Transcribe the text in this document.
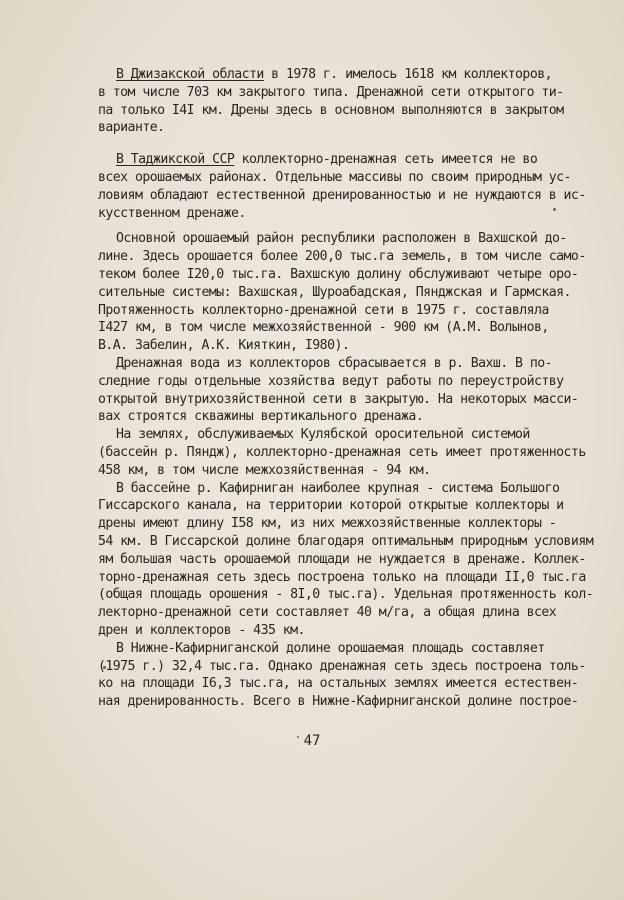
В Джизакской области в 1978 г. имелось 1618 км коллекторов,
в том числе 703 км закрытого типа. Дренажной сети открытого ти-
па только I4I км. Дрены здесь в основном выполняются в закрытом
варианте.
В Таджикской ССР коллекторно-дренажная сеть имеется не во
всех орошаемых районах. Отдельные массивы по своим природным ус-
ловиям обладают естественной дренированностью и не нуждаются в ис-
кусственном дренаже.
Основной орошаемый район республики расположен в Вахшской до-
лине. Здесь орошается более 200,0 тыс.га земель, в том числе само-
теком более I20,0 тыс.га. Вахшскую долину обслуживают четыре оро-
сительные системы: Вахшская, Шуроабадская, Пянджская и Гармская.
Протяженность коллекторно-дренажной сети в 1975 г. составляла
I427 км, в том числе межхозяйственной - 900 км (А.М. Волынов,
В.А. Забелин, А.К. Кияткин, I980).
Дренажная вода из коллекторов сбрасывается в р. Вахш. В по-
следние годы отдельные хозяйства ведут работы по переустройству
открытой внутрихозяйственной сети в закрытую. На некоторых масси-
вах строятся скважины вертикального дренажа.
На землях, обслуживаемых Кулябской оросительной системой
(бассейн р. Пяндж), коллекторно-дренажная сеть имеет протяженность
458 км, в том числе межхозяйственная - 94 км.
В бассейне р. Кафирниган наиболее крупная - система Большого
Гиссарского канала, на территории которой открытые коллекторы и
дрены имеют длину I58 км, из них межхозяйственные коллекторы -
54 км. В Гиссарской долине благодаря оптимальным природным условиям
ям большая часть орошаемой площади не нуждается в дренаже. Коллек-
торно-дренажная сеть здесь построена только на площади II,0 тыс.га
(общая площадь орошения - 8I,0 тыс.га). Удельная протяженность кол-
лекторно-дренажной сети составляет 40 м/га, а общая длина всех
дрен и коллекторов - 435 км.
В Нижне-Кафирниганской долине орошаемая площадь составляет
(1975 г.) 32,4 тыс.га. Однако дренажная сеть здесь построена толь-
ко на площади I6,3 тыс.га, на остальных землях имеется естествен-
ная дренированность. Всего в Нижне-Кафирниганской долине построе-
47
